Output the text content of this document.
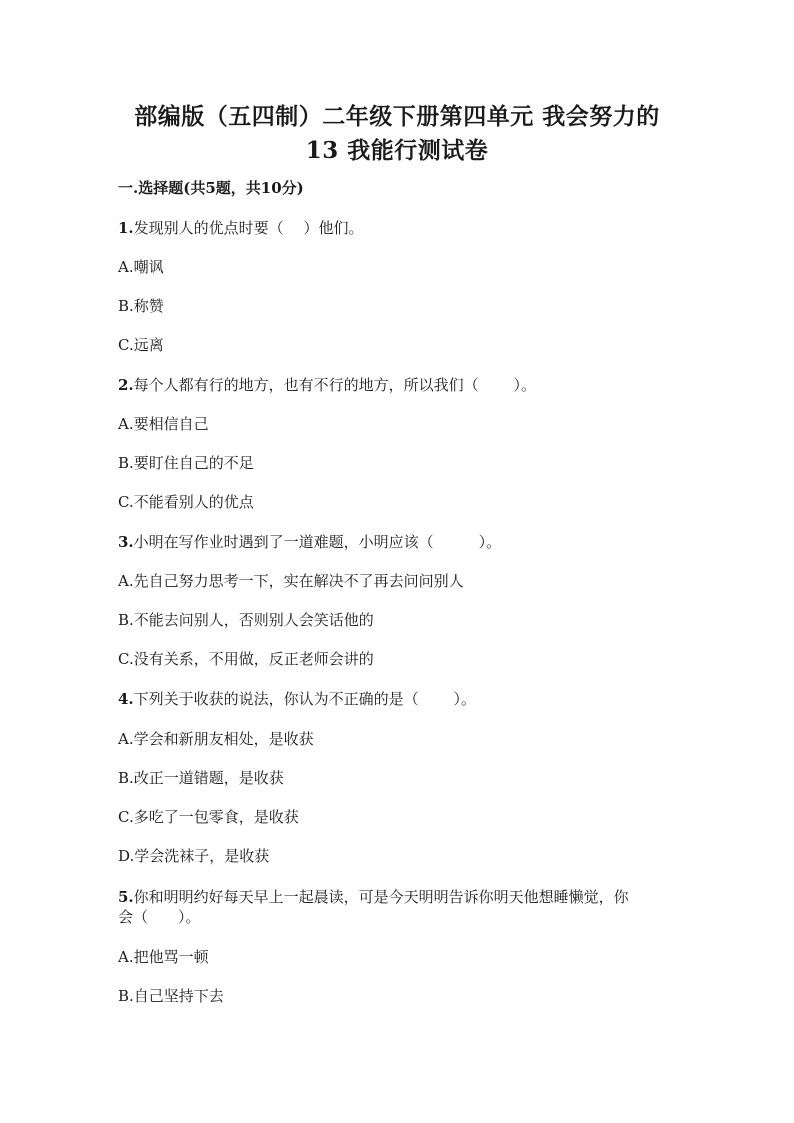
部编版（五四制）二年级下册第四单元 我会努力的
13 我能行测试卷
一.选择题(共5题，共10分)
1.发现别人的优点时要（　 ）他们。
A.嘲讽
B.称赞
C.远离
2.每个人都有行的地方，也有不行的地方，所以我们（　　 ）。
A.要相信自己
B.要盯住自己的不足
C.不能看别人的优点
3.小明在写作业时遇到了一道难题，小明应该（　　　）。
A.先自己努力思考一下，实在解决不了再去问问别人
B.不能去问别人，否则别人会笑话他的
C.没有关系，不用做，反正老师会讲的
4.下列关于收获的说法，你认为不正确的是（　　 ）。
A.学会和新朋友相处，是收获
B.改正一道错题，是收获
C.多吃了一包零食，是收获
D.学会洗袜子，是收获
5.你和明明约好每天早上一起晨读，可是今天明明告诉你明天他想睡懒觉，你
会（　　）。
A.把他骂一顿
B.自己坚持下去
